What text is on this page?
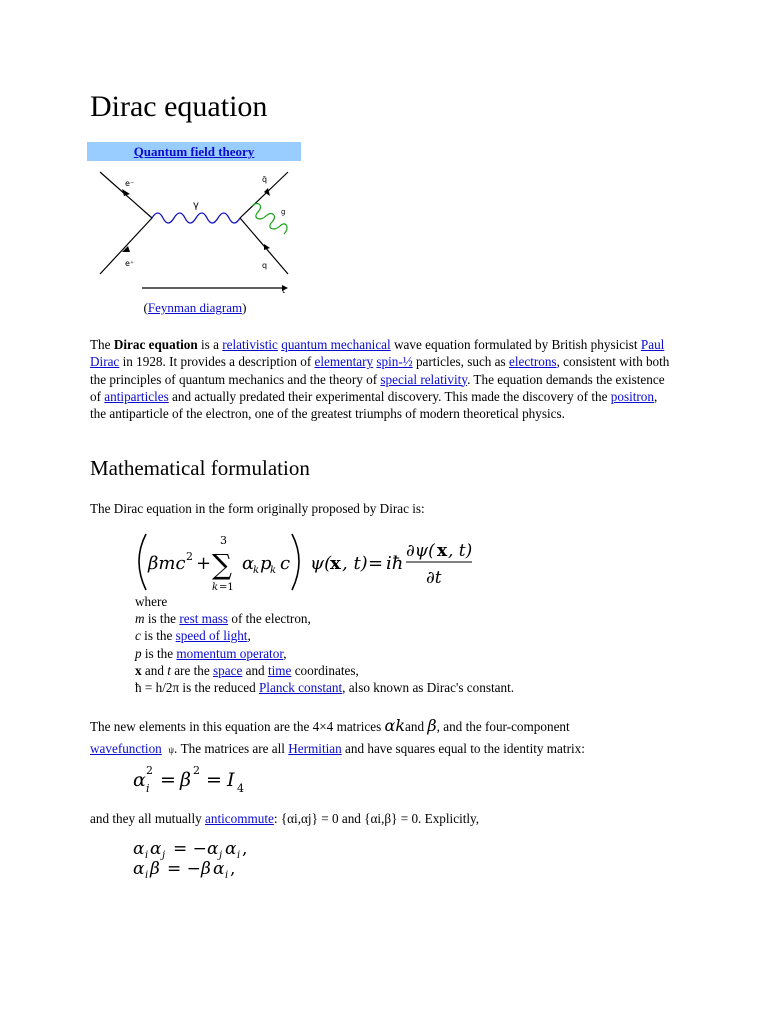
Dirac equation
Quantum field theory
e⁻
e⁺
q̄
q
γ
g
t
(Feynman diagram)
The Dirac equation is a relativistic quantum mechanical wave equation formulated by British physicist Paul Dirac in 1928. It provides a description of elementary spin-½ particles, such as electrons, consistent with both the principles of quantum mechanics and the theory of special relativity. The equation demands the existence of antiparticles and actually predated their experimental discovery. This made the discovery of the positron, the antiparticle of the electron, one of the greatest triumphs of modern theoretical physics.
Mathematical formulation
The Dirac equation in the form originally proposed by Dirac is:
βmc 2 +
3
∑
k =1
α
k p
k c ψ(
x , t) = iħ
∂ψ( x , t)
∂t
where
m is the rest mass of the electron,
c is the speed of light,
p is the momentum operator,
x and t are the space and time coordinates,
ħ = h/2π is the reduced Planck constant, also known as Dirac's constant.
The new elements in this equation are the 4×4 matrices αkand β, and the four-component
wavefunction ψ. The matrices are all Hermitian and have squares equal to the identity matrix:
α 2
i = β 2 = I 4
and they all mutually anticommute: {αi,αj} = 0 and {αi,β} = 0. Explicitly,
α i α j = − α j α i ,
α i β = − β α i ,
